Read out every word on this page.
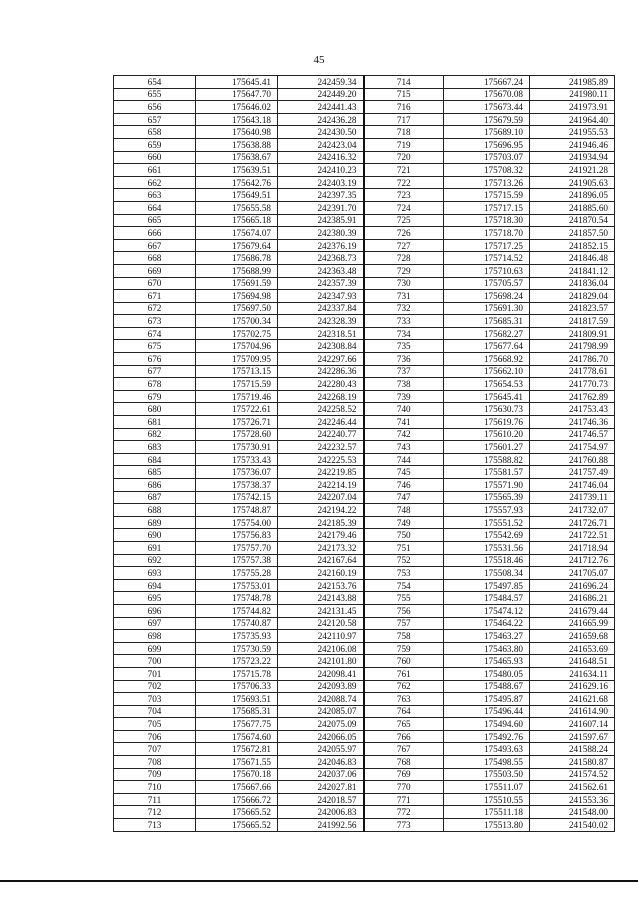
45
654	175645.41	242459.34	714	175667.24	241985.89
655	175647.70	242449.20	715	175670.08	241980.11
656	175646.02	242441.43	716	175673.44	241973.91
657	175643.18	242436.28	717	175679.59	241964.40
658	175640.98	242430.50	718	175689.10	241955.53
659	175638.88	242423.04	719	175696.95	241946.46
660	175638.67	242416.32	720	175703.07	241934.94
661	175639.51	242410.23	721	175708.32	241921.28
662	175642.76	242403.19	722	175713.26	241905.63
663	175649.51	242397.35	723	175715.59	241896.05
664	175655.58	242391.70	724	175717.15	241885.60
665	175665.18	242385.91	725	175718.30	241870.54
666	175674.07	242380.39	726	175718.70	241857.50
667	175679.64	242376.19	727	175717.25	241852.15
668	175686.78	242368.73	728	175714.52	241846.48
669	175688.99	242363.48	729	175710.63	241841.12
670	175691.59	242357.39	730	175705.57	241836.04
671	175694.98	242347.93	731	175698.24	241829.04
672	175697.50	242337.84	732	175691.30	241823.57
673	175700.34	242328.39	733	175685.31	241817.59
674	175702.75	242318.51	734	175682.27	241809.91
675	175704.96	242308.84	735	175677.64	241798.99
676	175709.95	242297.66	736	175668.92	241786.70
677	175713.15	242286.36	737	175662.10	241778.61
678	175715.59	242280.43	738	175654.53	241770.73
679	175719.46	242268.19	739	175645.41	241762.89
680	175722.61	242258.52	740	175630.73	241753.43
681	175726.71	242246.44	741	175619.76	241746.36
682	175728.60	242240.77	742	175610.20	241746.57
683	175730.91	242232.57	743	175601.27	241754.97
684	175733.43	242225.53	744	175588.82	241760.88
685	175736.07	242219.85	745	175581.57	241757.49
686	175738.37	242214.19	746	175571.90	241746.04
687	175742.15	242207.04	747	175565.39	241739.11
688	175748.87	242194.22	748	175557.93	241732.07
689	175754.00	242185.39	749	175551.52	241726.71
690	175756.83	242179.46	750	175542.69	241722.51
691	175757.70	242173.32	751	175531.56	241718.94
692	175757.38	242167.64	752	175518.46	241712.76
693	175755.28	242160.19	753	175508.34	241705.07
694	175753.01	242153.76	754	175497.85	241696.24
695	175748.78	242143.88	755	175484.57	241686.21
696	175744.82	242131.45	756	175474.12	241679.44
697	175740.87	242120.58	757	175464.22	241665.99
698	175735.93	242110.97	758	175463.27	241659.68
699	175730.59	242106.08	759	175463.80	241653.69
700	175723.22	242101.80	760	175465.93	241648.51
701	175715.78	242098.41	761	175480.05	241634.11
702	175706.33	242093.89	762	175488.67	241629.16
703	175693.51	242088.74	763	175495.87	241621.68
704	175685.31	242085.07	764	175496.44	241614.90
705	175677.75	242075.09	765	175494.60	241607.14
706	175674.60	242066.05	766	175492.76	241597.67
707	175672.81	242055.97	767	175493.63	241588.24
708	175671.55	242046.83	768	175498.55	241580.87
709	175670.18	242037.06	769	175503.50	241574.52
710	175667.66	242027.81	770	175511.07	241562.61
711	175666.72	242018.57	771	175510.55	241553.36
712	175665.52	242006.83	772	175511.18	241548.00
713	175665.52	241992.56	773	175513.80	241540.02
